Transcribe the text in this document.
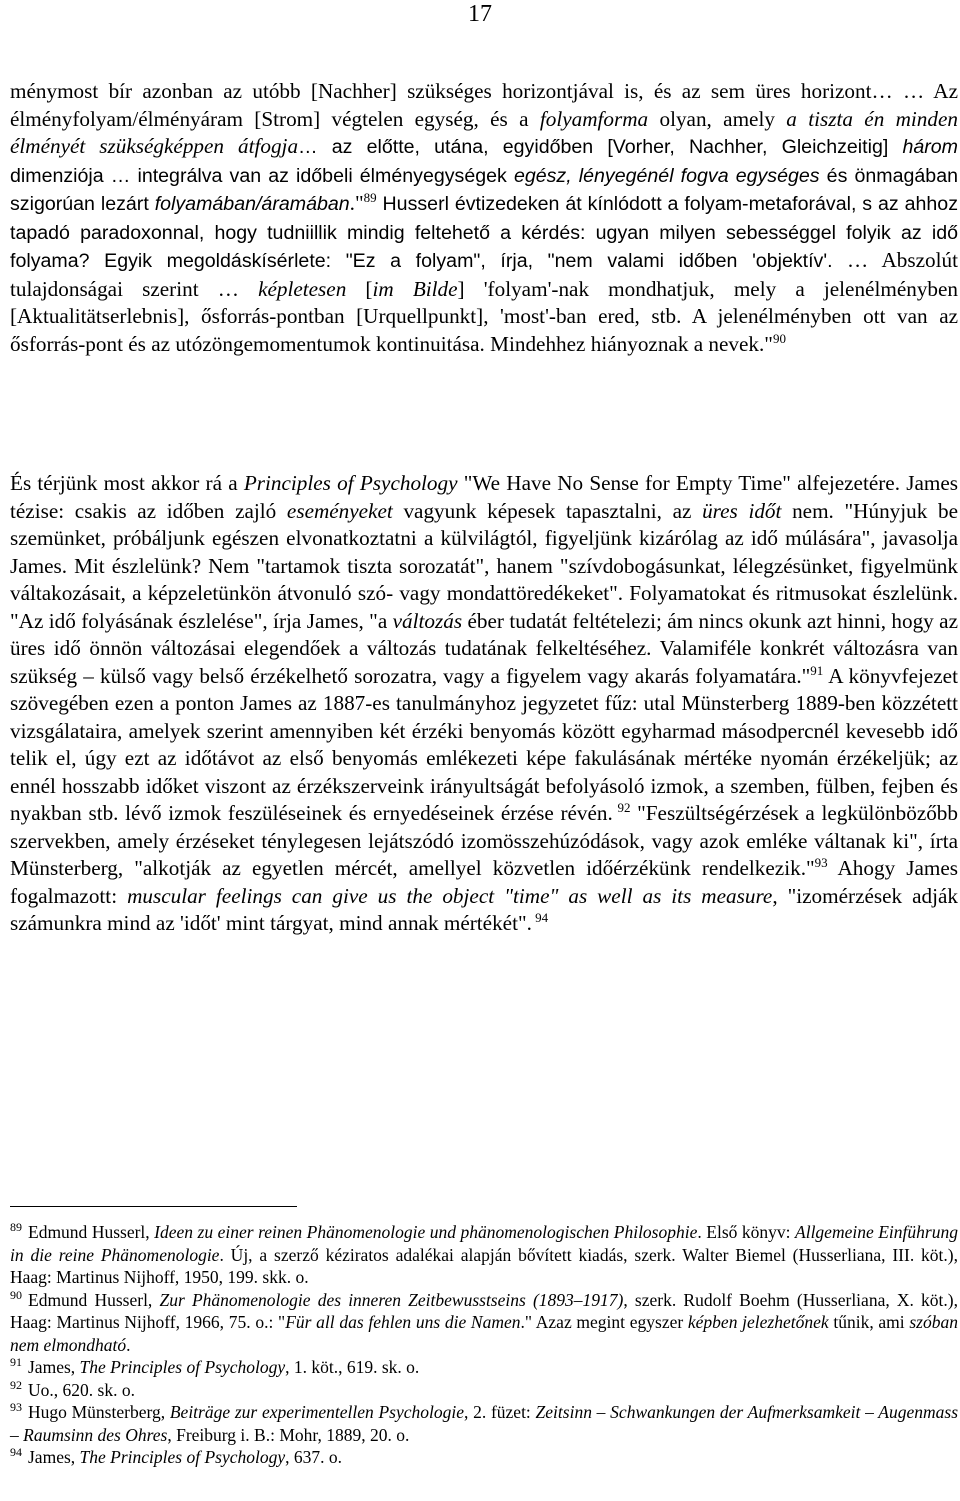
17
ménymost bír azonban az utóbb [Nachher] szükséges horizontjával is, és az sem üres horizont… … Az élményfolyam/élményáram [Strom] végtelen egység, és a folyamforma olyan, amely a tiszta én minden élményét szükségképpen átfogja… az előtte, utána, egyidőben [Vorher, Nachher, Gleichzeitig] három dimenziója … integrálva van az időbeli élményegységek egész, lényegénél fogva egységes és önmagában szigorúan lezárt folyamában/áramában."$^{89}$ Husserl évtizedeken át kínlódott a folyam-metaforával, s az ahhoz tapadó paradoxonnal, hogy tudniillik mindig feltehető a kérdés: ugyan milyen sebességgel folyik az idő folyama? Egyik megoldáskísérlete: "Ez a folyam", írja, "nem valami időben 'objektív'. … Abszolút tulajdonságai szerint … képletesen [im Bilde] 'folyam'-nak mondhatjuk, mely a jelenélményben [Aktualitätserlebnis], ősforrás-pontban [Urquellpunkt], 'most'-ban ered, stb. A jelenélményben ott van az ősforrás-pont és az utózöngemomentumok kontinuitása. Mindehhez hiányoznak a nevek."$^{90}$
És térjünk most akkor rá a Principles of Psychology "We Have No Sense for Empty Time" alfejezetére. James tézise: csakis az időben zajló eseményeket vagyunk képesek tapasztalni, az üres időt nem. "Húnyjuk be szemünket, próbáljunk egészen elvonatkoztatni a külvilágtól, figyeljünk kizárólag az idő múlására", javasolja James. Mit észlelünk? Nem "tartamok tiszta sorozatát", hanem "szívdobogásunkat, lélegzésünket, figyelmünk váltakozásait, a képzeletünkön átvonuló szó- vagy mondattöredékeket". Folyamatokat és ritmusokat észlelünk. "Az idő folyásának észlelése", írja James, "a változás éber tudatát feltételezi; ám nincs okunk azt hinni, hogy az üres idő önnön változásai elegendőek a változás tudatának felkeltéséhez. Valamiféle konkrét változásra van szükség – külső vagy belső érzékelhető sorozatra, vagy a figyelem vagy akarás folyamatára."$^{91}$ A könyvfejezet szövegében ezen a ponton James az 1887-es tanulmányhoz jegyzetet fűz: utal Münsterberg 1889-ben közzétett vizsgálataira, amelyek szerint amennyiben két érzéki benyomás között egyharmad másodpercnél kevesebb idő telik el, úgy ezt az időtávot az első benyomás emlékezeti képe fakulásának mértéke nyomán érzékeljük; az ennél hosszabb időket viszont az érzékszerveink irányultságát befolyásoló izmok, a szemben, fülben, fejben és nyakban stb. lévő izmok feszüléseinek és ernyedéseinek érzése révén. $^{92}$ "Feszültségérzések a legkülönbözőbb szervekben, amely érzéseket ténylegesen lejátszódó izomösszehúzódások, vagy azok emléke váltanak ki", írta Münsterberg, "alkotják az egyetlen mércét, amellyel közvetlen időérzékünk rendelkezik."$^{93}$ Ahogy James fogalmazott: muscular feelings can give us the object "time" as well as its measure, "izomérzések adják számunkra mind az 'időt' mint tárgyat, mind annak mértékét". $^{94}$

$^{89}$ Edmund Husserl, Ideen zu einer reinen Phänomenologie und phänomenologischen Philosophie. Első könyv: Allgemeine Einführung in die reine Phänomenologie. Új, a szerző kéziratos adalékai alapján bővített kiadás, szerk. Walter Biemel (Husserliana, III. köt.), Haag: Martinus Nijhoff, 1950, 199. skk. o.

$^{90}$ Edmund Husserl, Zur Phänomenologie des inneren Zeitbewusstseins (1893–1917), szerk. Rudolf Boehm (Husserliana, X. köt.), Haag: Martinus Nijhoff, 1966, 75. o.: "Für all das fehlen uns die Namen." Azaz megint egyszer képben jelezhetőnek tűnik, ami szóban nem elmondható.

$^{91}$ James, The Principles of Psychology, 1. köt., 619. sk. o.

$^{92}$ Uo., 620. sk. o.

$^{93}$ Hugo Münsterberg, Beiträge zur experimentellen Psychologie, 2. füzet: Zeitsinn – Schwankungen der Aufmerksamkeit – Augenmass – Raumsinn des Ohres, Freiburg i. B.: Mohr, 1889, 20. o.

$^{94}$ James, The Principles of Psychology, 637. o.
